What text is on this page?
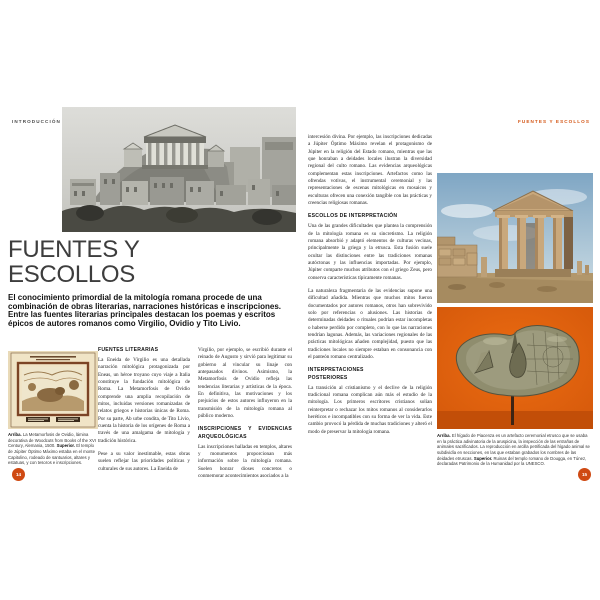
INTRODUCCIÓN
FUENTES Y
ESCOLLOS
El conocimiento primordial de la mitología romana procede de una combinación de obras literarias, narraciones históricas e inscripciones. Entre las fuentes literarias principales destacan los poemas y escritos épicos de autores romanos como Virgilio, Ovidio y Tito Livio.
Arriba. La Metamorfosis de Ovidio, lámina decorativa de Woodcuts from Books of the XVI Century, Alemania, 1500. Superior. El templo de Júpiter Óptimo Máximo estaba en el monte Capitolino, rodeado de santuarios, altares y estatuas, y con tesoros e inscripciones.
14
FUENTES LITERARIAS

La Eneida de Virgilio es una detallada narración mitológica protagonizada por Eneas, un héroe troyano cuyo viaje a Italia constituye la fundación mitológica de Roma. La Metamorfosis de Ovidio comprende una amplia recopilación de mitos, incluidas versiones romanizadas de relatos griegos e historias únicas de Roma. Por su parte, Ab urbe condita, de Tito Livio, cuenta la historia de los orígenes de Roma a través de una amalgama de mitología y tradición histórica.

Pese a su valor inestimable, estas obras suelen reflejar las prioridades políticas y culturales de sus autores. La Eneida de

Virgilio, por ejemplo, se escribió durante el reinado de Augusto y sirvió para legitimar su gobierno al vincular su linaje con antepasados divinos. Asimismo, la Metamorfosis de Ovidio refleja las tendencias literarias y artísticas de la época. En definitiva, las motivaciones y los prejuicios de estos autores influyeron en la transmisión de la mitología romana al público moderno.

INSCRIPCIONES Y EVIDENCIAS ARQUEOLÓGICAS

Las inscripciones halladas en templos, altares y monumentos proporcionan más información sobre la mitología romana. Suelen honrar dioses concretos o conmemorar acontecimientos asociados a la

FUENTES Y ESCOLLOS

intercesión divina. Por ejemplo, las inscripciones dedicadas a Júpiter Óptimo Máximo revelan el protagonismo de Júpiter en la religión del Estado romano, mientras que las que honraban a deidades locales ilustran la diversidad regional del culto romano. Las evidencias arqueológicas complementan estas inscripciones. Artefactos como las ofrendas votivas, el instrumental ceremonial y las representaciones de escenas mitológicas en mosaicos y esculturas ofrecen una conexión tangible con las prácticas y creencias religiosas romanas.

ESCOLLOS DE INTERPRETACIÓN

Una de las grandes dificultades que plantea la comprensión de la mitología romana es su sincretismo. La religión romana absorbió y adaptó elementos de culturas vecinas, principalmente la griega y la etrusca. Esta fusión suele ocultar las distinciones entre las tradiciones romanas autóctonas y las influencias importadas. Por ejemplo, Júpiter comparte muchos atributos con el griego Zeus, pero conserva características típicamente romanas.

La naturaleza fragmentaria de las evidencias supone una dificultad añadida. Mientras que muchos mitos fueron documentados por autores romanos, otros han sobrevivido solo por referencias o alusiones. Las historias de determinadas deidades o rituales podrían estar incompletas o haberse perdido por completo, con lo que las narraciones tendrían lagunas. Además, las variaciones regionales de las prácticas mitológicas añaden complejidad, puesto que las tradiciones locales no siempre estaban en consonancia con el panteón romano centralizado.

INTERPRETACIONES POSTERIORES

La transición al cristianismo y el declive de la religión tradicional romana complican aún más el estudio de la mitología. Los primeros escritores cristianos solían reinterpretar o rechazar los mitos romanos al considerarlos heréticos e incompatibles con su forma de ver la vida. Este cambio provocó la pérdida de muchas tradiciones y alteró el modo de preservar la mitología romana.

Arriba. El hígado de Piacenza es un artefacto ceremonial etrusco que se usaba en la práctica adivinatoria de la aruspicina, la inspección de las entrañas de animales sacrificados. La reproducción en arcilla petrificada del hígado animal se subdividía en secciones, en las que estaban grabados los nombres de las deidades etruscas. Superior. Ruinas del templo romano de Dougga, en Túnez, declaradas Patrimonio de la Humanidad por la UNESCO.
15
